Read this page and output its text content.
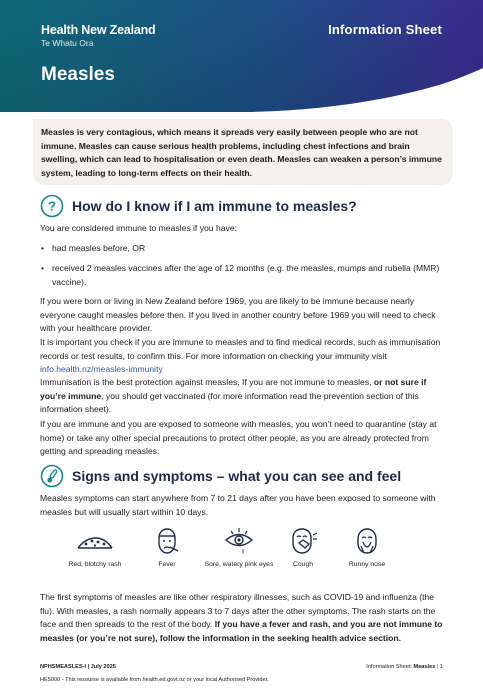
Health New Zealand
Te Whatu Ora
Information Sheet
Measles
Measles is very contagious, which means it spreads very easily between people who are not immune. Measles can cause serious health problems, including chest infections and brain swelling, which can lead to hospitalisation or even death. Measles can weaken a person’s immune system, leading to long-term effects on their health.
? How do I know if I am immune to measles?
You are considered immune to measles if you have:
• had measles before, OR
• received 2 measles vaccines after the age of 12 months (e.g. the measles, mumps and rubella (MMR) vaccine).
If you were born or living in New Zealand before 1969, you are likely to be immune because nearly everyone caught measles before then. If you lived in another country before 1969 you will need to check with your healthcare provider.
It is important you check if you are immune to measles and to find medical records, such as immunisation records or test results, to confirm this. For more information on checking your immunity visit info.health.nz/measles-immunity
Immunisation is the best protection against measles. If you are not immune to measles, or not sure if you’re immune, you should get vaccinated (for more information read the prevention section of this information sheet).
If you are immune and you are exposed to someone with measles, you won’t need to quarantine (stay at home) or take any other special precautions to protect other people, as you are already protected from getting and spreading measles.
Signs and symptoms – what you can see and feel
Measles symptoms can start anywhere from 7 to 21 days after you have been exposed to someone with measles but will usually start within 10 days.
Red, blotchy rash	Fever	Sore, watery pink eyes	Cough	Runny nose
The first symptoms of measles are like other respiratory illnesses, such as COVID-19 and influenza (the flu). With measles, a rash normally appears 3 to 7 days after the other symptoms. The rash starts on the face and then spreads to the rest of the body. If you have a fever and rash, and you are not immune to measles (or you’re not sure), follow the information in the seeking health advice section.
NPHSMEASLES-I | July 2025
HE5000 - This resourse is available from health.ed.govt.nz or your local Authorised Provider.
Information Sheet: Measles | 1
